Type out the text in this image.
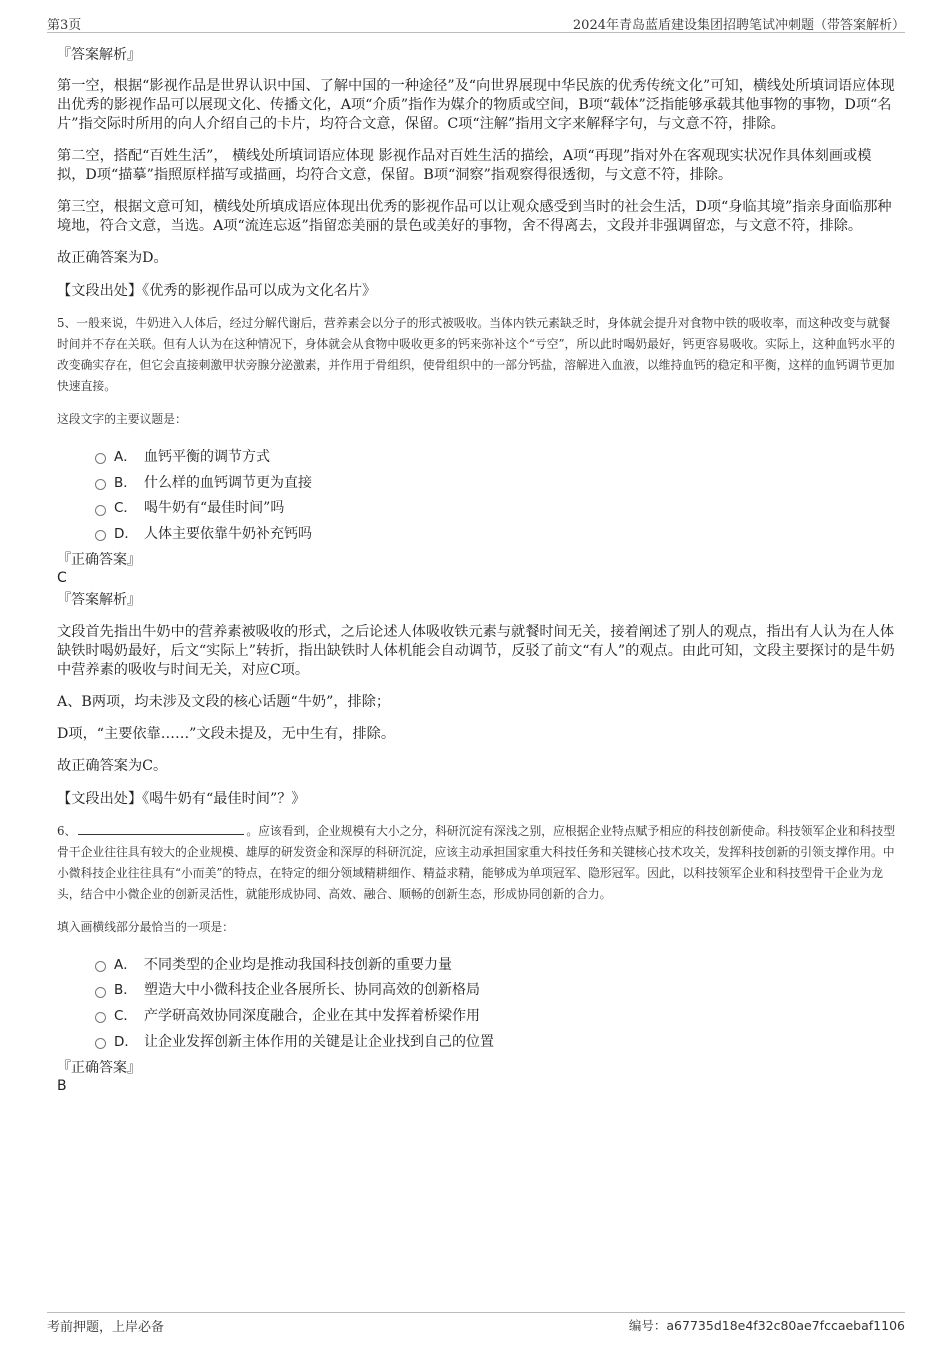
第3页	2024年青岛蓝盾建设集团招聘笔试冲刺题（带答案解析）
『答案解析』
第一空，根据“影视作品是世界认识中国、了解中国的一种途径”及“向世界展现中华民族的优秀传统文化”可知，横线处所填词语应体现出优秀的影视作品可以展现文化、传播文化，A项“介质”指作为媒介的物质或空间，B项“载体”泛指能够承载其他事物的事物，D项“名片”指交际时所用的向人介绍自己的卡片，均符合文意，保留。C项“注解”指用文字来解释字句，与文意不符，排除。
第二空，搭配“百姓生活”， 横线处所填词语应体现 影视作品对百姓生活的描绘，A项“再现”指对外在客观现实状况作具体刻画或模拟，D项“描摹”指照原样描写或描画，均符合文意，保留。B项“洞察”指观察得很透彻，与文意不符，排除。
第三空，根据文意可知，横线处所填成语应体现出优秀的影视作品可以让观众感受到当时的社会生活，D项“身临其境”指亲身面临那种境地，符合文意，当选。A项“流连忘返”指留恋美丽的景色或美好的事物，舍不得离去，文段并非强调留恋，与文意不符，排除。
故正确答案为D。
【文段出处】《优秀的影视作品可以成为文化名片》
5、一般来说，牛奶进入人体后，经过分解代谢后，营养素会以分子的形式被吸收。当体内铁元素缺乏时，身体就会提升对食物中铁的吸收率，而这种改变与就餐时间并不存在关联。但有人认为在这种情况下，身体就会从食物中吸收更多的钙来弥补这个“亏空”，所以此时喝奶最好，钙更容易吸收。实际上，这种血钙水平的改变确实存在，但它会直接刺激甲状旁腺分泌激素，并作用于骨组织，使骨组织中的一部分钙盐，溶解进入血液，以维持血钙的稳定和平衡，这样的血钙调节更加快速直接。
这段文字的主要议题是：
A． 血钙平衡的调节方式
B． 什么样的血钙调节更为直接
C． 喝牛奶有“最佳时间”吗
D． 人体主要依靠牛奶补充钙吗
『正确答案』
C
『答案解析』
文段首先指出牛奶中的营养素被吸收的形式，之后论述人体吸收铁元素与就餐时间无关，接着阐述了别人的观点，指出有人认为在人体缺铁时喝奶最好，后文“实际上”转折，指出缺铁时人体机能会自动调节，反驳了前文“有人”的观点。由此可知，文段主要探讨的是牛奶中营养素的吸收与时间无关，对应C项。
A、B两项，均未涉及文段的核心话题“牛奶”，排除；
D项，“主要依靠……”文段未提及，无中生有，排除。
故正确答案为C。
【文段出处】《喝牛奶有“最佳时间”？》
6、	。应该看到，企业规模有大小之分，科研沉淀有深浅之别，应根据企业特点赋予相应的科技创新使命。科技领军企业和科技型骨干企业往往具有较大的企业规模、雄厚的研发资金和深厚的科研沉淀，应该主动承担国家重大科技任务和关键核心技术攻关，发挥科技创新的引领支撑作用。中小微科技企业往往具有“小而美”的特点，在特定的细分领域精耕细作、精益求精，能够成为单项冠军、隐形冠军。因此，以科技领军企业和科技型骨干企业为龙头，结合中小微企业的创新灵活性，就能形成协同、高效、融合、顺畅的创新生态，形成协同创新的合力。
填入画横线部分最恰当的一项是：
A． 不同类型的企业均是推动我国科技创新的重要力量
B． 塑造大中小微科技企业各展所长、协同高效的创新格局
C． 产学研高效协同深度融合，企业在其中发挥着桥梁作用
D． 让企业发挥创新主体作用的关键是让企业找到自己的位置
『正确答案』
B
考前押题，上岸必备	编号：a67735d18e4f32c80ae7fccaebaf1106
